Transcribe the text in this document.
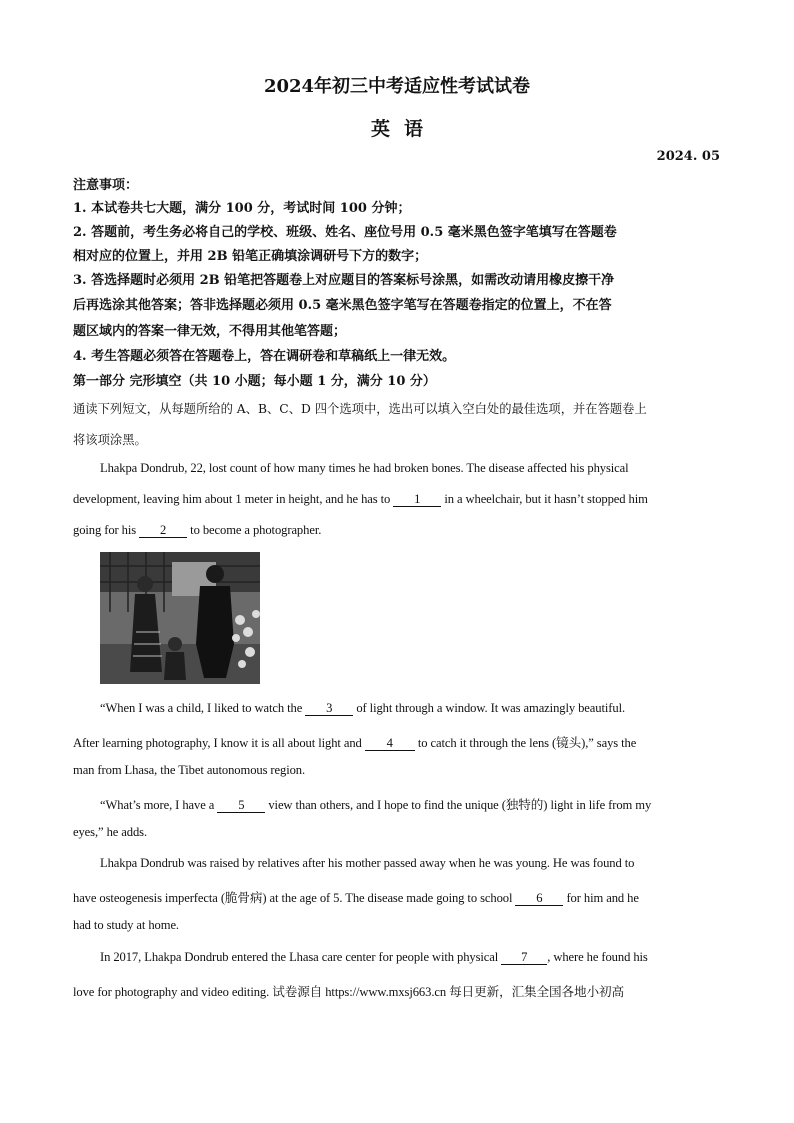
2024年初三中考适应性考试试卷
英语
2024. 05
注意事项：
1. 本试卷共七大题，满分 100 分，考试时间 100 分钟；
2. 答题前，考生务必将自己的学校、班级、姓名、座位号用 0.5 毫米黑色签字笔填写在答题卷
相对应的位置上，并用 2B 铅笔正确填涂调研号下方的数字；
3. 答选择题时必须用 2B 铅笔把答题卷上对应题目的答案标号涂黑，如需改动请用橡皮擦干净
后再选涂其他答案；答非选择题必须用 0.5 毫米黑色签字笔写在答题卷指定的位置上，不在答
题区域内的答案一律无效，不得用其他笔答题；
4. 考生答题必须答在答题卷上，答在调研卷和草稿纸上一律无效。
第一部分 完形填空（共 10 小题；每小题 1 分，满分 10 分）
通读下列短文，从每题所给的 A、B、C、D 四个选项中，选出可以填入空白处的最佳选项，并在答题卷上
将该项涂黑。
Lhakpa Dondrub, 22, lost count of how many times he had broken bones. The disease affected his physical
development, leaving him about 1 meter in height, and he has to 1 in a wheelchair, but it hasn’t stopped him
going for his 2 to become a photographer.
“When I was a child, I liked to watch the 3 of light through a window. It was amazingly beautiful.
After learning photography, I know it is all about light and 4 to catch it through the lens (镜头),” says the
man from Lhasa, the Tibet autonomous region.
“What’s more, I have a 5 view than others, and I hope to find the unique (独特的) light in life from my
eyes,” he adds.
Lhakpa Dondrub was raised by relatives after his mother passed away when he was young. He was found to
have osteogenesis imperfecta (脆骨病) at the age of 5. The disease made going to school 6 for him and he
had to study at home.
In 2017, Lhakpa Dondrub entered the Lhasa care center for people with physical 7 , where he found his
love for photography and video editing. 试卷源自 https://www.mxsj663.cn 每日更新，汇集全国各地小初高
